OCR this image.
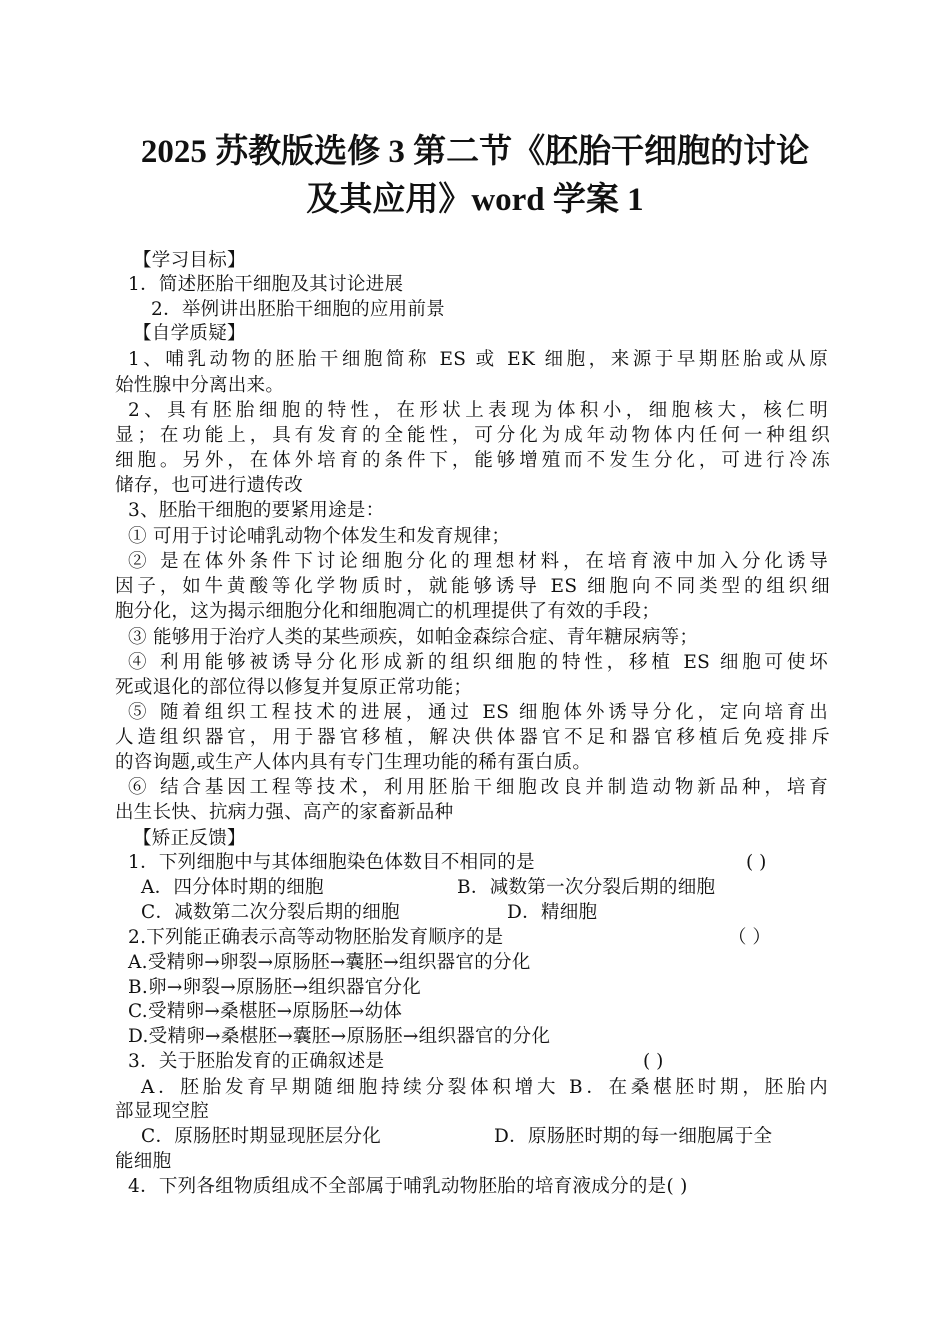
2025 苏教版选修 3 第二节《胚胎干细胞的讨论
及其应用》word 学案 1
【学习目标】
1．简述胚胎干细胞及其讨论进展
2．举例讲出胚胎干细胞的应用前景
【自学质疑】
1、哺乳动物的胚胎干细胞简称 ES 或 EK 细胞，来源于早期胚胎或从原
始性腺中分离出来。
2、具有胚胎细胞的特性，在形状上表现为体积小，细胞核大，核仁明
显；在功能上，具有发育的全能性，可分化为成年动物体内任何一种组织
细胞。另外，在体外培育的条件下，能够增殖而不发生分化，可进行冷冻
储存，也可进行遗传改
3、胚胎干细胞的要紧用途是：
① 可用于讨论哺乳动物个体发生和发育规律；
② 是在体外条件下讨论细胞分化的理想材料，在培育液中加入分化诱导
因子，如牛黄酸等化学物质时，就能够诱导 ES 细胞向不同类型的组织细
胞分化，这为揭示细胞分化和细胞凋亡的机理提供了有效的手段；
③ 能够用于治疗人类的某些顽疾，如帕金森综合症、青年糖尿病等；
④ 利用能够被诱导分化形成新的组织细胞的特性，移植 ES 细胞可使坏
死或退化的部位得以修复并复原正常功能；
⑤ 随着组织工程技术的进展，通过 ES 细胞体外诱导分化，定向培育出
人造组织器官，用于器官移植，解决供体器官不足和器官移植后免疫排斥
的咨询题,或生产人体内具有专门生理功能的稀有蛋白质。
⑥ 结合基因工程等技术，利用胚胎干细胞改良并制造动物新品种，培育
出生长快、抗病力强、高产的家畜新品种
【矫正反馈】
1．下列细胞中与其体细胞染色体数目不相同的是	( )
A．四分体时期的细胞	B．减数第一次分裂后期的细胞
C．减数第二次分裂后期的细胞	D．精细胞
2.下列能正确表示高等动物胚胎发育顺序的是	（ ）
A.受精卵→卵裂→原肠胚→囊胚→组织器官的分化
B.卵→卵裂→原肠胚→组织器官分化
C.受精卵→桑椹胚→原肠胚→幼体
D.受精卵→桑椹胚→囊胚→原肠胚→组织器官的分化
3．关于胚胎发育的正确叙述是	( )
A．胚胎发育早期随细胞持续分裂体积增大 B．在桑椹胚时期，胚胎内
部显现空腔
C．原肠胚时期显现胚层分化	D．原肠胚时期的每一细胞属于全
能细胞
4．下列各组物质组成不全部属于哺乳动物胚胎的培育液成分的是( )
